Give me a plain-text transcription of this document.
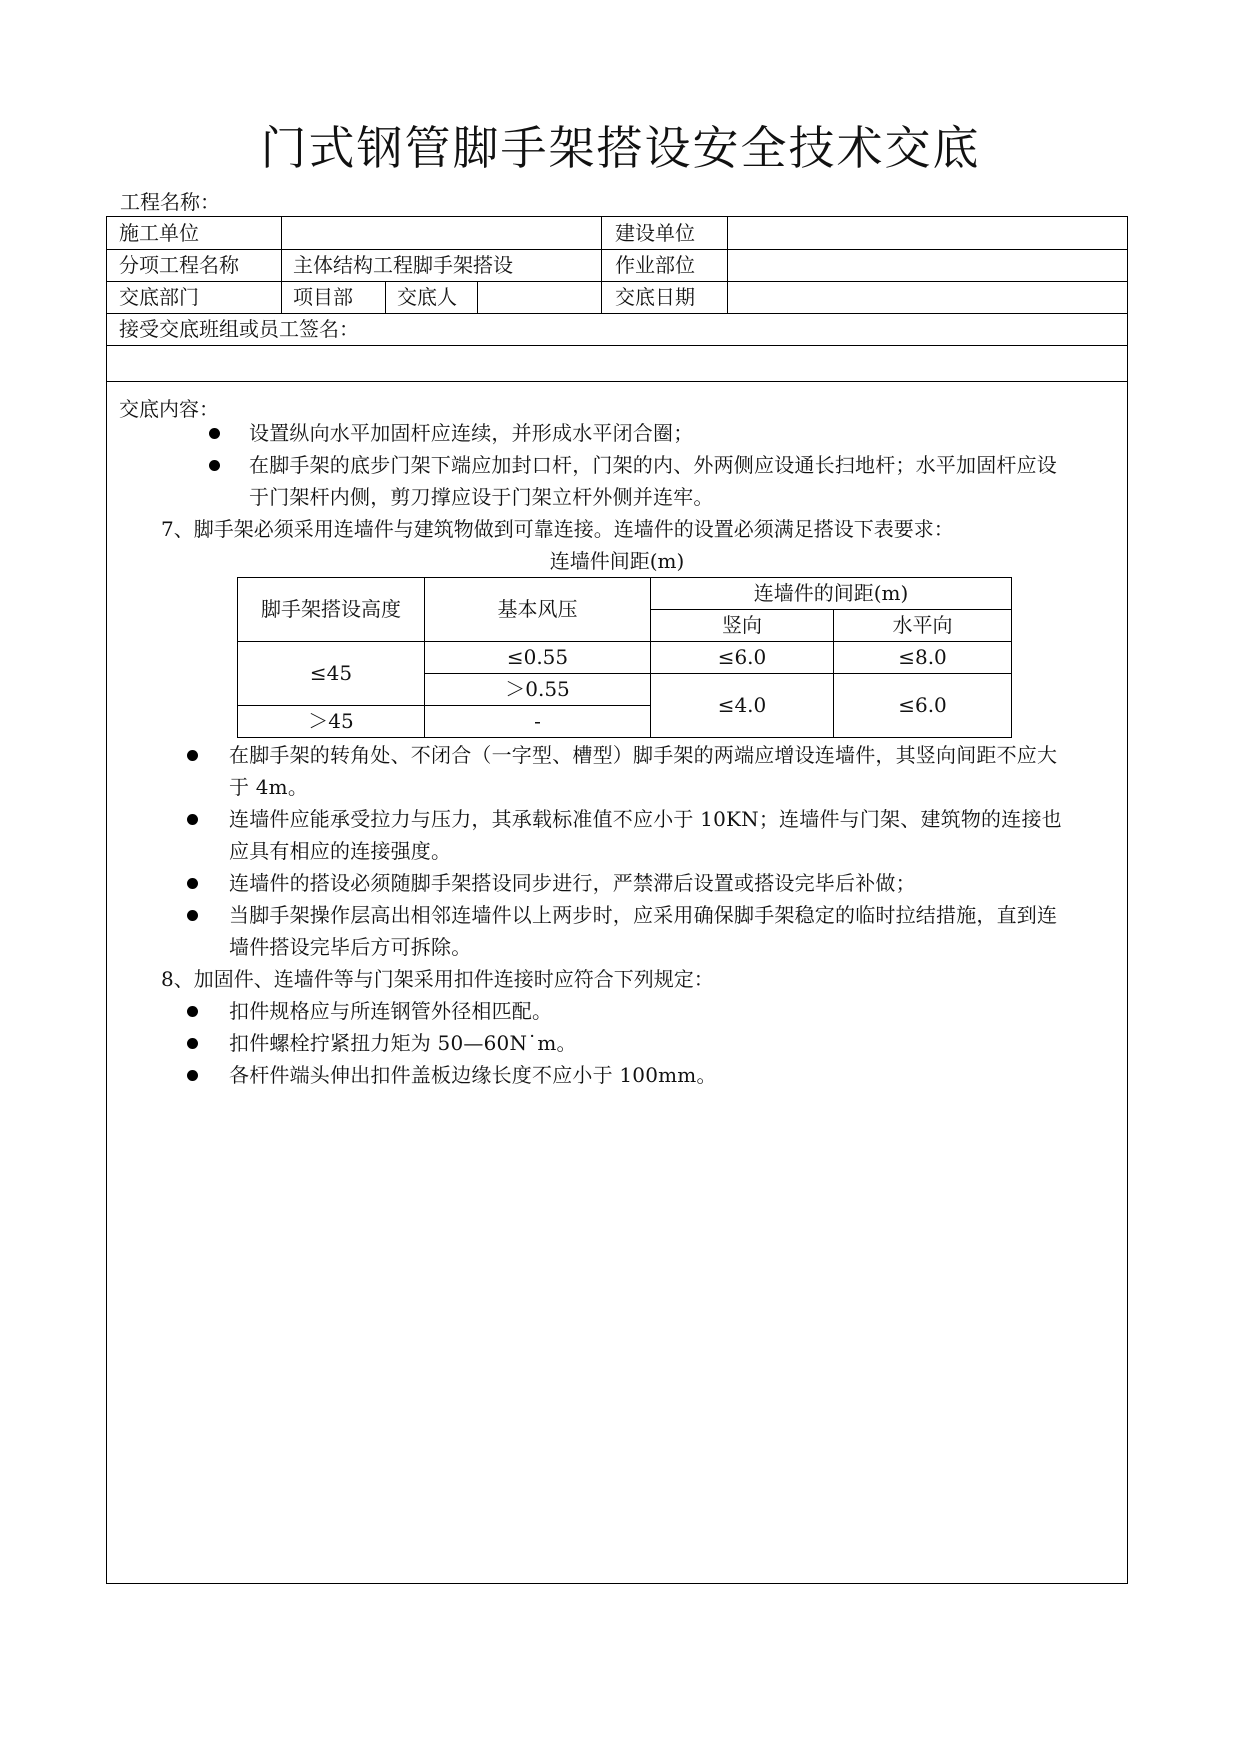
门式钢管脚手架搭设安全技术交底
工程名称：
施工单位	建设单位
分项工程名称	主体结构工程脚手架搭设	作业部位
交底部门	项目部 交底人	交底日期
接受交底班组或员工签名：
交底内容：
设置纵向水平加固杆应连续，并形成水平闭合圈；
在脚手架的底步门架下端应加封口杆，门架的内、外两侧应设通长扫地杆；水平加固杆应设
于门架杆内侧，剪刀撑应设于门架立杆外侧并连牢。
7、脚手架必须采用连墙件与建筑物做到可靠连接。连墙件的设置必须满足搭设下表要求：
连墙件间距(m)
脚手架搭设高度	基本风压	连墙件的间距(m)	
		竖向	水平向
≤45	≤0.55	≤6.0	≤8.0
	＞0.55	≤4.0	≤6.0
＞45	-		
在脚手架的转角处、不闭合（一字型、槽型）脚手架的两端应增设连墙件，其竖向间距不应大
于 4m。
连墙件应能承受拉力与压力，其承载标准值不应小于 10KN；连墙件与门架、建筑物的连接也
应具有相应的连接强度。
连墙件的搭设必须随脚手架搭设同步进行，严禁滞后设置或搭设完毕后补做；
当脚手架操作层高出相邻连墙件以上两步时，应采用确保脚手架稳定的临时拉结措施，直到连
墙件搭设完毕后方可拆除。
8、加固件、连墙件等与门架采用扣件连接时应符合下列规定：
扣件规格应与所连钢管外径相匹配。
扣件螺栓拧紧扭力矩为 50—60N˙m。
各杆件端头伸出扣件盖板边缘长度不应小于 100mm。
